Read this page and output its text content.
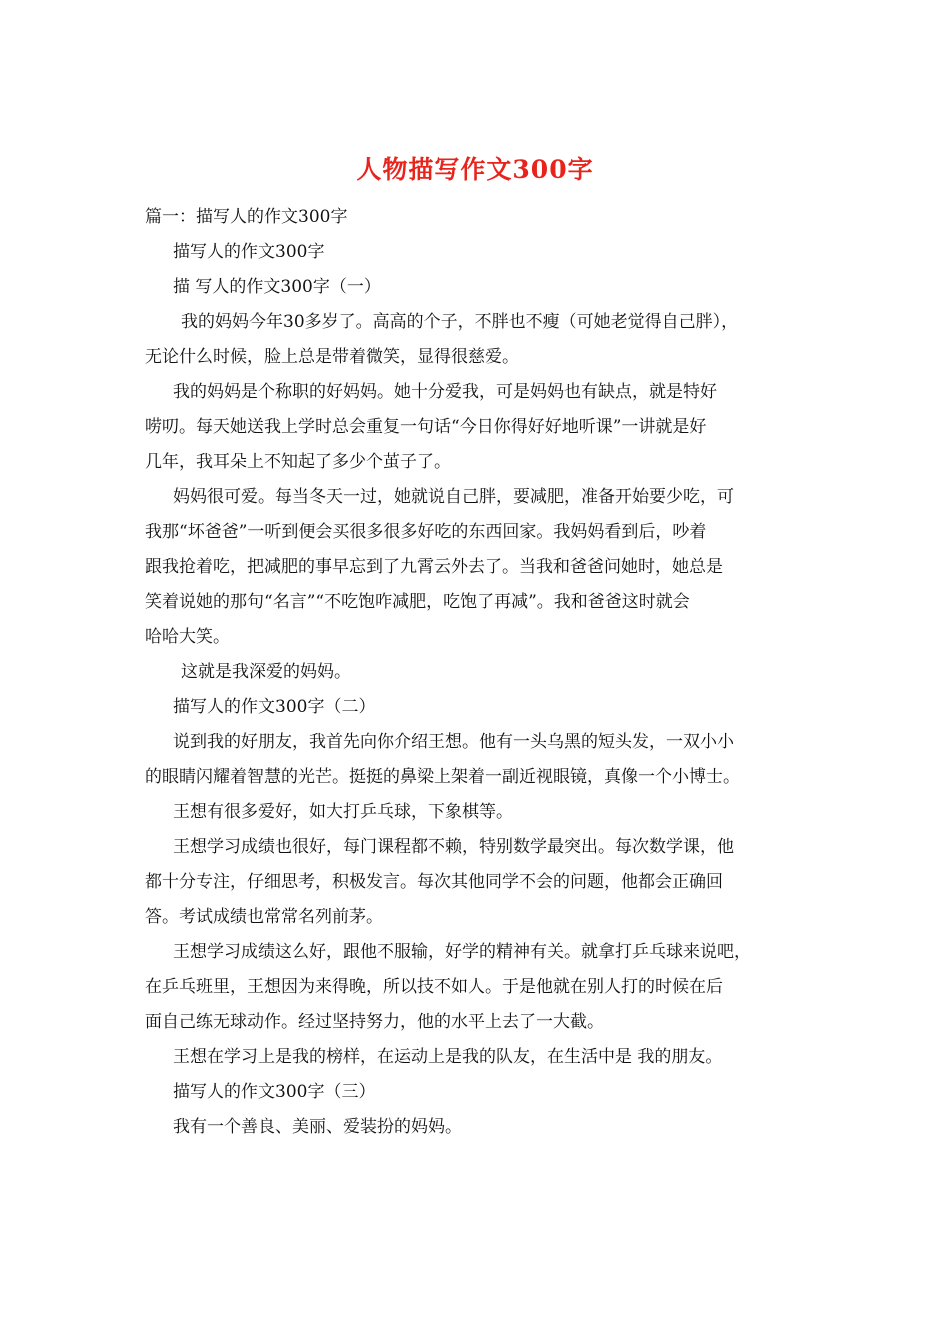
人物描写作文300字
篇一：描写人的作文300字
描写人的作文300字
描 写人的作文300字（一）
我的妈妈今年30多岁了。高高的个子，不胖也不瘦（可她老觉得自己胖），
无论什么时候，脸上总是带着微笑，显得很慈爱。
我的妈妈是个称职的好妈妈。她十分爱我，可是妈妈也有缺点，就是特好
唠叨。每天她送我上学时总会重复一句话“今日你得好好地听课”一讲就是好
几年，我耳朵上不知起了多少个茧子了。
妈妈很可爱。每当冬天一过，她就说自己胖，要减肥，准备开始要少吃，可
我那“坏爸爸”一听到便会买很多很多好吃的东西回家。我妈妈看到后，吵着
跟我抢着吃，把减肥的事早忘到了九霄云外去了。当我和爸爸问她时，她总是
笑着说她的那句“名言”“不吃饱咋减肥，吃饱了再减”。我和爸爸这时就会
哈哈大笑。
这就是我深爱的妈妈。
描写人的作文300字（二）
说到我的好朋友，我首先向你介绍王想。他有一头乌黑的短头发，一双小小
的眼睛闪耀着智慧的光芒。挺挺的鼻梁上架着一副近视眼镜，真像一个小博士。
王想有很多爱好，如大打乒乓球，下象棋等。
王想学习成绩也很好，每门课程都不赖，特别数学最突出。每次数学课，他
都十分专注，仔细思考，积极发言。每次其他同学不会的问题，他都会正确回
答。考试成绩也常常名列前茅。
王想学习成绩这么好，跟他不服输，好学的精神有关。就拿打乒乓球来说吧，
在乒乓班里，王想因为来得晚，所以技不如人。于是他就在别人打的时候在后
面自己练无球动作。经过坚持努力，他的水平上去了一大截。
王想在学习上是我的榜样，在运动上是我的队友，在生活中是 我的朋友。
描写人的作文300字（三）
我有一个善良、美丽、爱装扮的妈妈。
